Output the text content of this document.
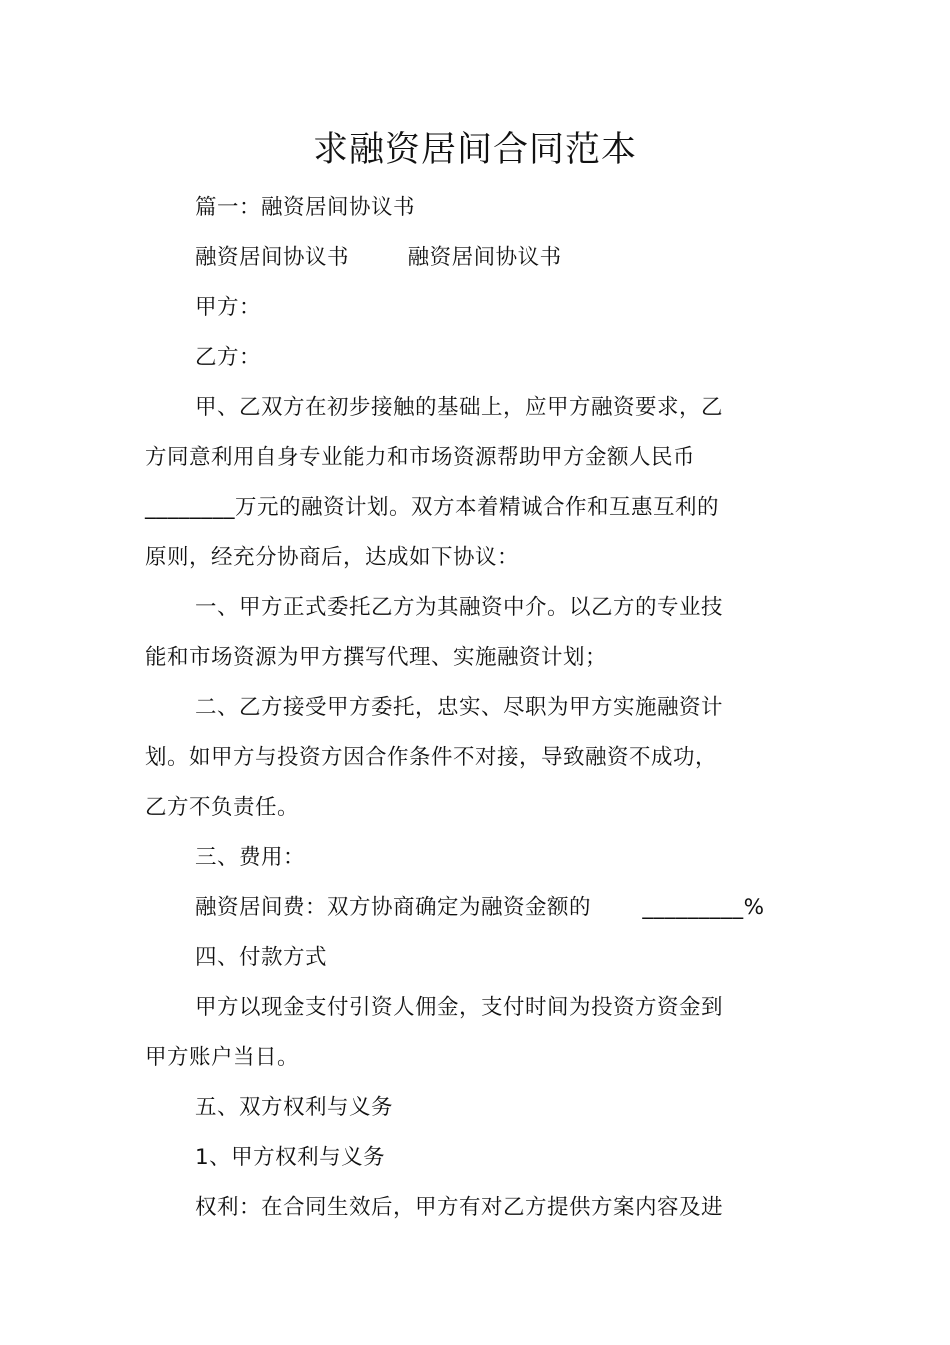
求融资居间合同范本
篇一：融资居间协议书
融资居间协议书        融资居间协议书
甲方：
乙方：
甲、乙双方在初步接触的基础上，应甲方融资要求，乙
方同意利用自身专业能力和市场资源帮助甲方金额人民币
________万元的融资计划。双方本着精诚合作和互惠互利的
原则，经充分协商后，达成如下协议：
一、甲方正式委托乙方为其融资中介。以乙方的专业技
能和市场资源为甲方撰写代理、实施融资计划；
二、乙方接受甲方委托，忠实、尽职为甲方实施融资计
划。如甲方与投资方因合作条件不对接，导致融资不成功，
乙方不负责任。
三、费用：
融资居间费：双方协商确定为融资金额的       _________%
四、付款方式
甲方以现金支付引资人佣金，支付时间为投资方资金到
甲方账户当日。
五、双方权利与义务
1、甲方权利与义务
权利：在合同生效后，甲方有对乙方提供方案内容及进
